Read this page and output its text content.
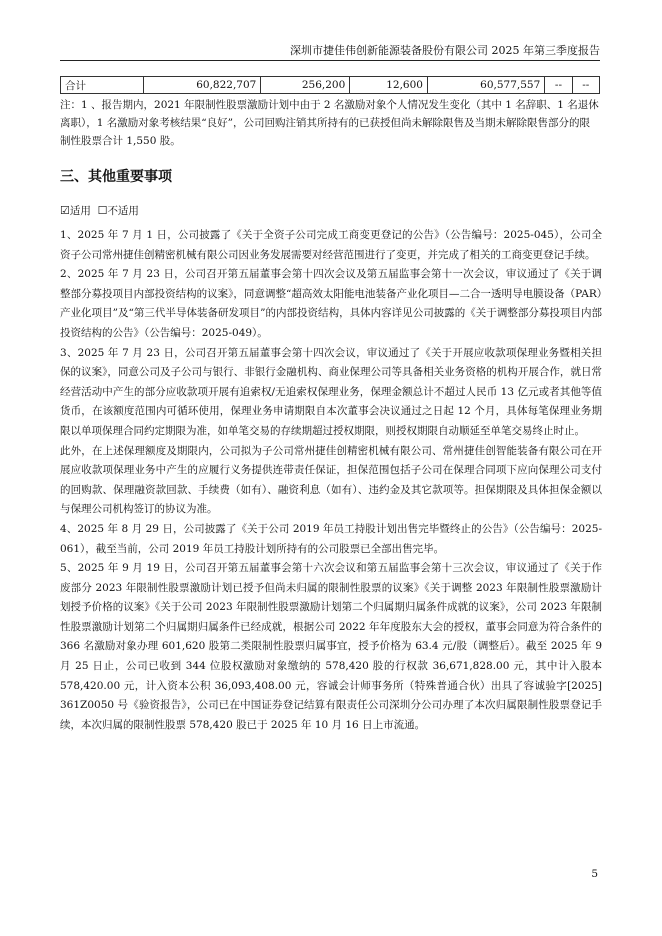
深圳市捷佳伟创新能源装备股份有限公司 2025 年第三季度报告
合计	60,822,707	256,200	12,600	60,577,557	--	--
注：1 、报告期内，2021 年限制性股票激励计划中由于 2 名激励对象个人情况发生变化（其中 1 名辞职、1 名退休离职），1 名激励对象考核结果“良好”，公司回购注销其所持有的已获授但尚未解除限售及当期未解除限售部分的限制性股票合计 1,550 股。
三、其他重要事项
☑适用 ☐不适用

1、2025 年 7 月 1 日，公司披露了《关于全资子公司完成工商变更登记的公告》（公告编号：2025-045），公司全资子公司常州捷佳创精密机械有限公司因业务发展需要对经营范围进行了变更，并完成了相关的工商变更登记手续。

2、2025 年 7 月 23 日，公司召开第五届董事会第十四次会议及第五届监事会第十一次会议，审议通过了《关于调整部分募投项目内部投资结构的议案》，同意调整“超高效太阳能电池装备产业化项目—二合一透明导电膜设备（PAR）产业化项目”及“第三代半导体装备研发项目”的内部投资结构，具体内容详见公司披露的《关于调整部分募投项目内部投资结构的公告》（公告编号：2025-049）。

3、2025 年 7 月 23 日，公司召开第五届董事会第十四次会议，审议通过了《关于开展应收款项保理业务暨相关担保的议案》，同意公司及子公司与银行、非银行金融机构、商业保理公司等具备相关业务资格的机构开展合作，就日常经营活动中产生的部分应收款项开展有追索权/无追索权保理业务，保理金额总计不超过人民币 13 亿元或者其他等值货币，在该额度范围内可循环使用，保理业务申请期限自本次董事会决议通过之日起 12 个月，具体每笔保理业务期限以单项保理合同约定期限为准，如单笔交易的存续期超过授权期限，则授权期限自动顺延至单笔交易终止时止。

此外，在上述保理额度及期限内，公司拟为子公司常州捷佳创精密机械有限公司、常州捷佳创智能装备有限公司在开展应收款项保理业务中产生的应履行义务提供连带责任保证，担保范围包括子公司在保理合同项下应向保理公司支付的回购款、保理融资款回款、手续费（如有）、融资利息（如有）、违约金及其它款项等。担保期限及具体担保金额以与保理公司机构签订的协议为准。

4、2025 年 8 月 29 日，公司披露了《关于公司 2019 年员工持股计划出售完毕暨终止的公告》（公告编号：2025-061），截至当前，公司 2019 年员工持股计划所持有的公司股票已全部出售完毕。

5、2025 年 9 月 19 日，公司召开第五届董事会第十六次会议和第五届监事会第十三次会议，审议通过了《关于作废部分 2023 年限制性股票激励计划已授予但尚未归属的限制性股票的议案》《关于调整 2023 年限制性股票激励计划授予价格的议案》《关于公司 2023 年限制性股票激励计划第二个归属期归属条件成就的议案》，公司 2023 年限制性股票激励计划第二个归属期归属条件已经成就，根据公司 2022 年年度股东大会的授权，董事会同意为符合条件的 366 名激励对象办理 601,620 股第二类限制性股票归属事宜，授予价格为 63.4 元/股（调整后）。截至 2025 年 9 月 25 日止，公司已收到 344 位股权激励对象缴纳的 578,420 股的行权款 36,671,828.00 元，其中计入股本 578,420.00 元，计入资本公积 36,093,408.00 元，容诚会计师事务所（特殊普通合伙）出具了容诚验字[2025] 361Z0050 号《验资报告》，公司已在中国证券登记结算有限责任公司深圳分公司办理了本次归属限制性股票登记手续，本次归属的限制性股票 578,420 股已于 2025 年 10 月 16 日上市流通。

5
